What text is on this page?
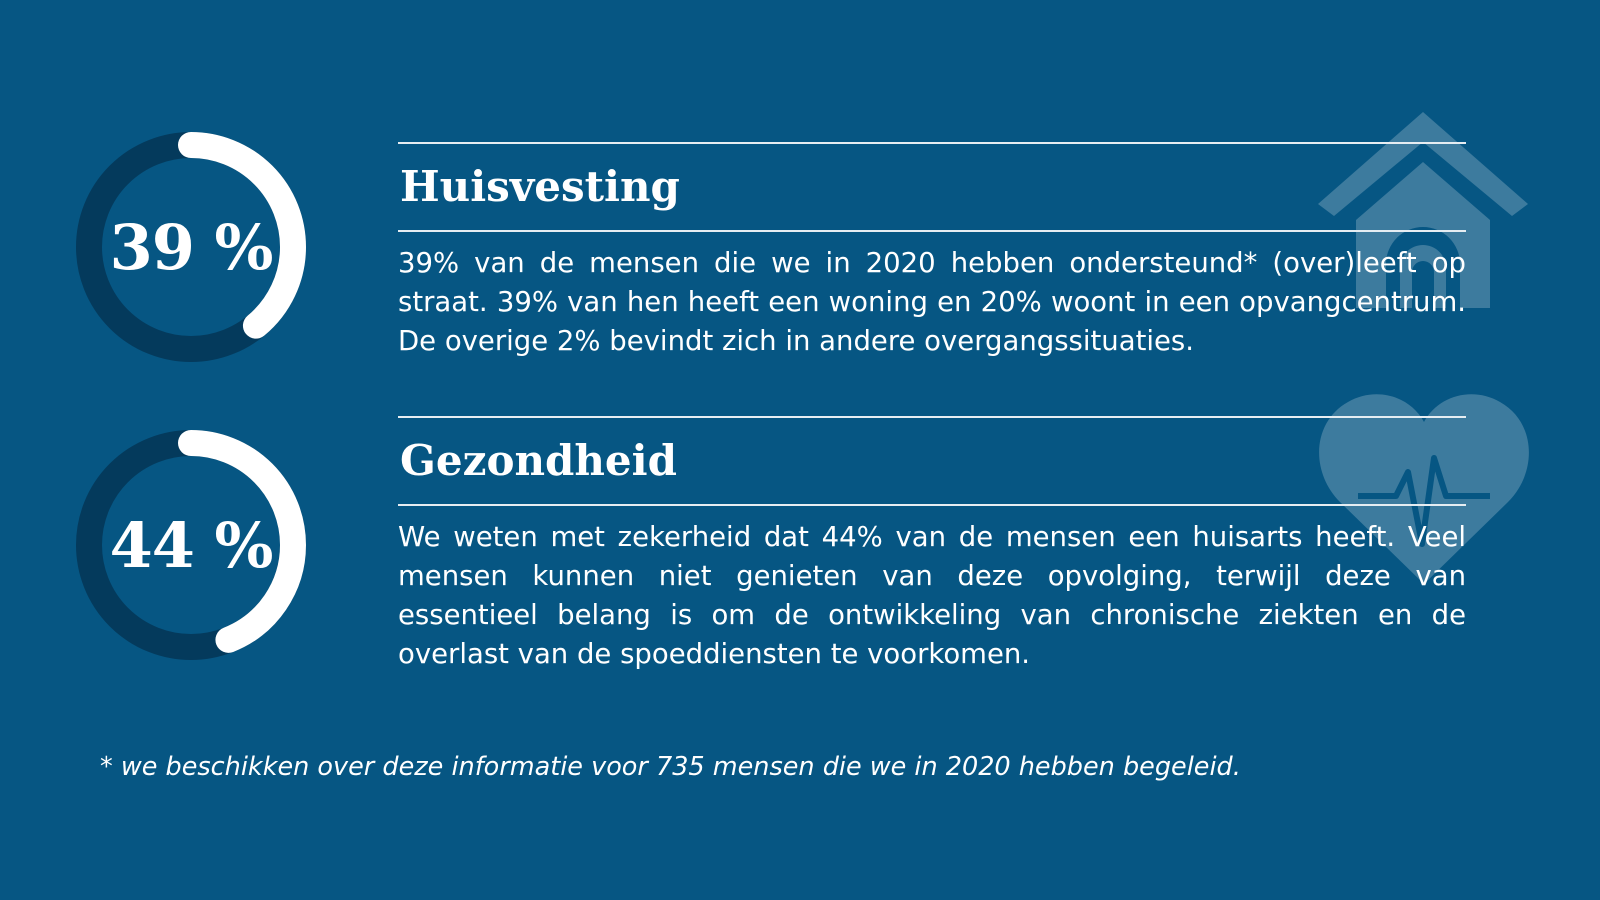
39 %
Huisvesting
39% van de mensen die we in 2020 hebben ondersteund* (over)leeft op straat. 39% van hen heeft een woning en 20% woont in een opvangcentrum. De overige 2% bevindt zich in andere overgangssituaties.
44 %
Gezondheid
We weten met zekerheid dat 44% van de mensen een huisarts heeft. Veel mensen kunnen niet genieten van deze opvolging, terwijl deze van essentieel belang is om de ontwikkeling van chronische ziekten en de overlast van de spoeddiensten te voorkomen.
* we beschikken over deze informatie voor 735 mensen die we in 2020 hebben begeleid.
